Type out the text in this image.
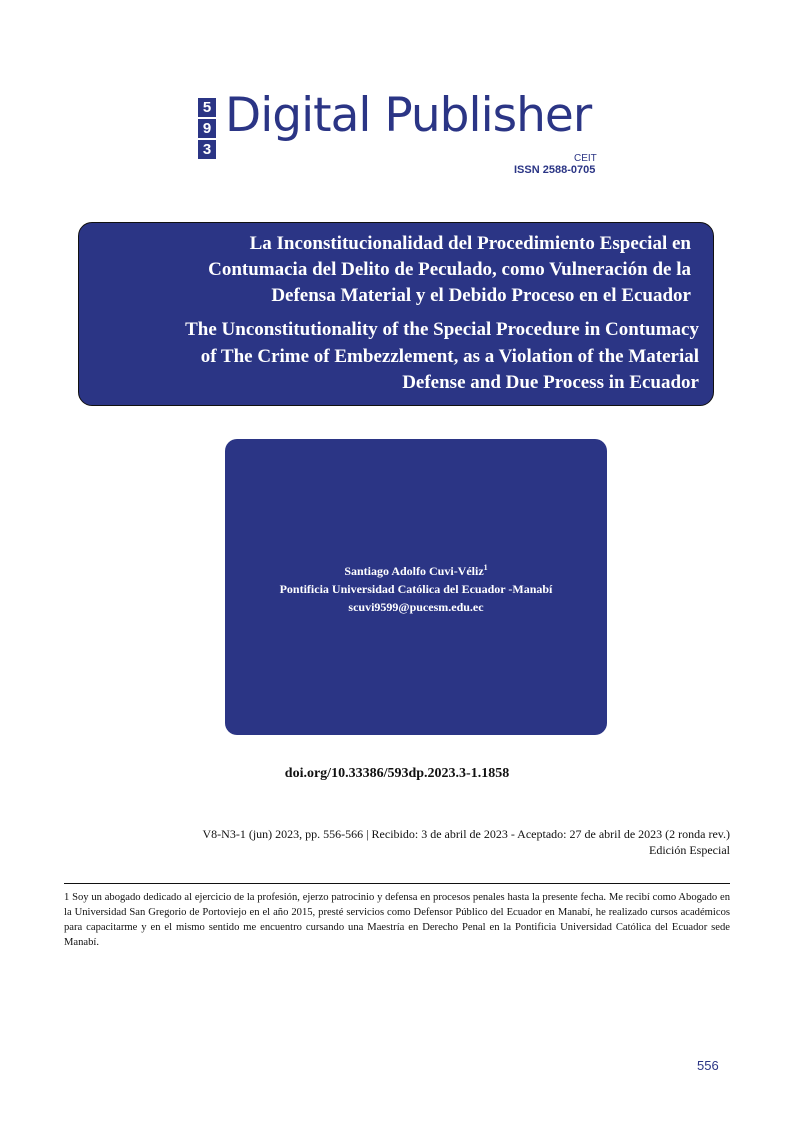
5
9
3
Digital Publisher
CEIT
ISSN 2588-0705

La Inconstitucionalidad del Procedimiento Especial en
Contumacia del Delito de Peculado, como Vulneración de la
Defensa Material y el Debido Proceso en el Ecuador

The Unconstitutionality of the Special Procedure in Contumacy
of The Crime of Embezzlement, as a Violation of the Material
Defense and Due Process in Ecuador

Santiago Adolfo Cuvi-Véliz$^1$
Pontificia Universidad Católica del Ecuador -Manabí
scuvi9599@pucesm.edu.ec
doi.org/10.33386/593dp.2023.3-1.1858
V8-N3-1 (jun) 2023, pp. 556-566 | Recibido: 3 de abril de 2023 - Aceptado: 27 de abril de 2023 (2 ronda rev.)
Edición Especial
1 Soy un abogado dedicado al ejercicio de la profesión, ejerzo patrocinio y defensa en procesos penales hasta la presente fecha. Me recibí como Abogado en la Universidad San Gregorio de Portoviejo en el año 2015, presté servicios como Defensor Público del Ecuador en Manabí, he realizado cursos académicos para capacitarme y en el mismo sentido me encuentro cursando una Maestría en Derecho Penal en la Pontificia Universidad Católica del Ecuador sede Manabí.
556
